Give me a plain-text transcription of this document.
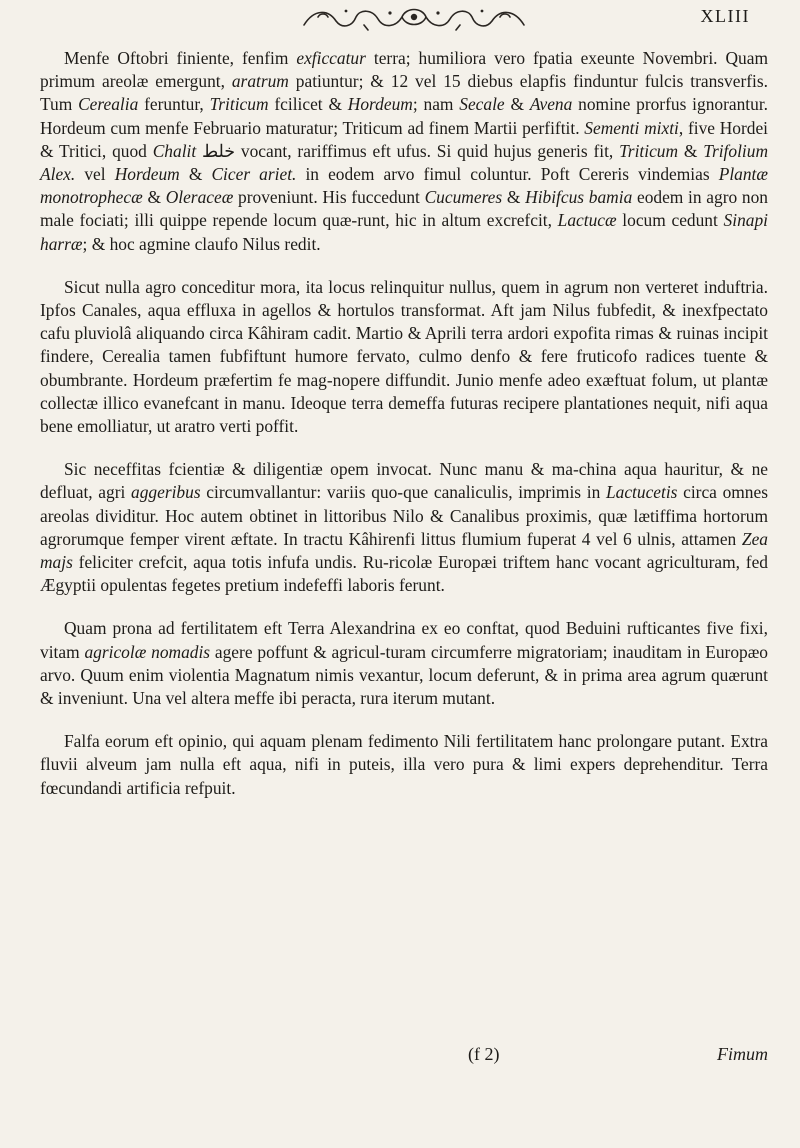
XLIII

Menfe Oftobri finiente, fenfim exficcatur terra; humiliora vero fpatia exeunte Novembri. Quam primum areolæ emergunt, aratrum patiuntur; & 12 vel 15 diebus elapfis finduntur fulcis transverfis. Tum Cerealia feruntur, Triticum fcilicet & Hordeum; nam Secale & Avena nomine prorfus ignorantur. Hordeum cum menfe Februario maturatur; Triticum ad finem Martii perfiftit. Sementi mixti, five Hordei & Tritici, quod Chalit خلط vocant, rariffimus eft ufus. Si quid hujus generis fit, Triticum & Trifolium Alex. vel Hordeum & Cicer ariet. in eodem arvo fimul coluntur. Poft Cereris vindemias Plantæ monotrophecæ & Oleraceæ proveniunt. His fuccedunt Cucumeres & Hibifcus bamia eodem in agro non male fociati; illi quippe repende locum quæ-runt, hic in altum excrefcit, Lactucæ locum cedunt Sinapi harræ; & hoc agmine claufo Nilus redit.

Sicut nulla agro conceditur mora, ita locus relinquitur nullus, quem in agrum non verteret induftria. Ipfos Canales, aqua effluxa in agellos & hortulos transformat. Aft jam Nilus fubfedit, & inexfpectato cafu pluviolâ aliquando circa Kâhiram cadit. Martio & Aprili terra ardori expofita rimas & ruinas incipit findere, Cerealia tamen fubfiftunt humore fervato, culmo denfo & fere fruticofo radices tuente & obumbrante. Hordeum præfertim fe mag-nopere diffundit. Junio menfe adeo exæftuat folum, ut plantæ collectæ illico evanefcant in manu. Ideoque terra demeffa futuras recipere plantationes nequit, nifi aqua bene emolliatur, ut aratro verti poffit.

Sic neceffitas fcientiæ & diligentiæ opem invocat. Nunc manu & ma-china aqua hauritur, & ne defluat, agri aggeribus circumvallantur: variis quo-que canaliculis, imprimis in Lactucetis circa omnes areolas dividitur. Hoc autem obtinet in littoribus Nilo & Canalibus proximis, quæ lætiffima hortorum agrorumque femper virent æftate. In tractu Kâhirenfi littus flumium fuperat 4 vel 6 ulnis, attamen Zea majs feliciter crefcit, aqua totis infufa undis. Ru-ricolæ Europæi triftem hanc vocant agriculturam, fed Ægyptii opulentas fegetes pretium indefeffi laboris ferunt.

Quam prona ad fertilitatem eft Terra Alexandrina ex eo conftat, quod Beduini rufticantes five fixi, vitam agricolæ nomadis agere poffunt & agricul-turam circumferre migratoriam; inauditam in Europæo arvo. Quum enim violentia Magnatum nimis vexantur, locum deferunt, & in prima area agrum quærunt & inveniunt. Una vel altera meffe ibi peracta, rura iterum mutant.

Falfa eorum eft opinio, qui aquam plenam fedimento Nili fertilitatem hanc prolongare putant. Extra fluvii alveum jam nulla eft aqua, nifi in puteis, illa vero pura & limi expers deprehenditur. Terra fœcundandi artificia refpuit.

(f 2)	Fimum
